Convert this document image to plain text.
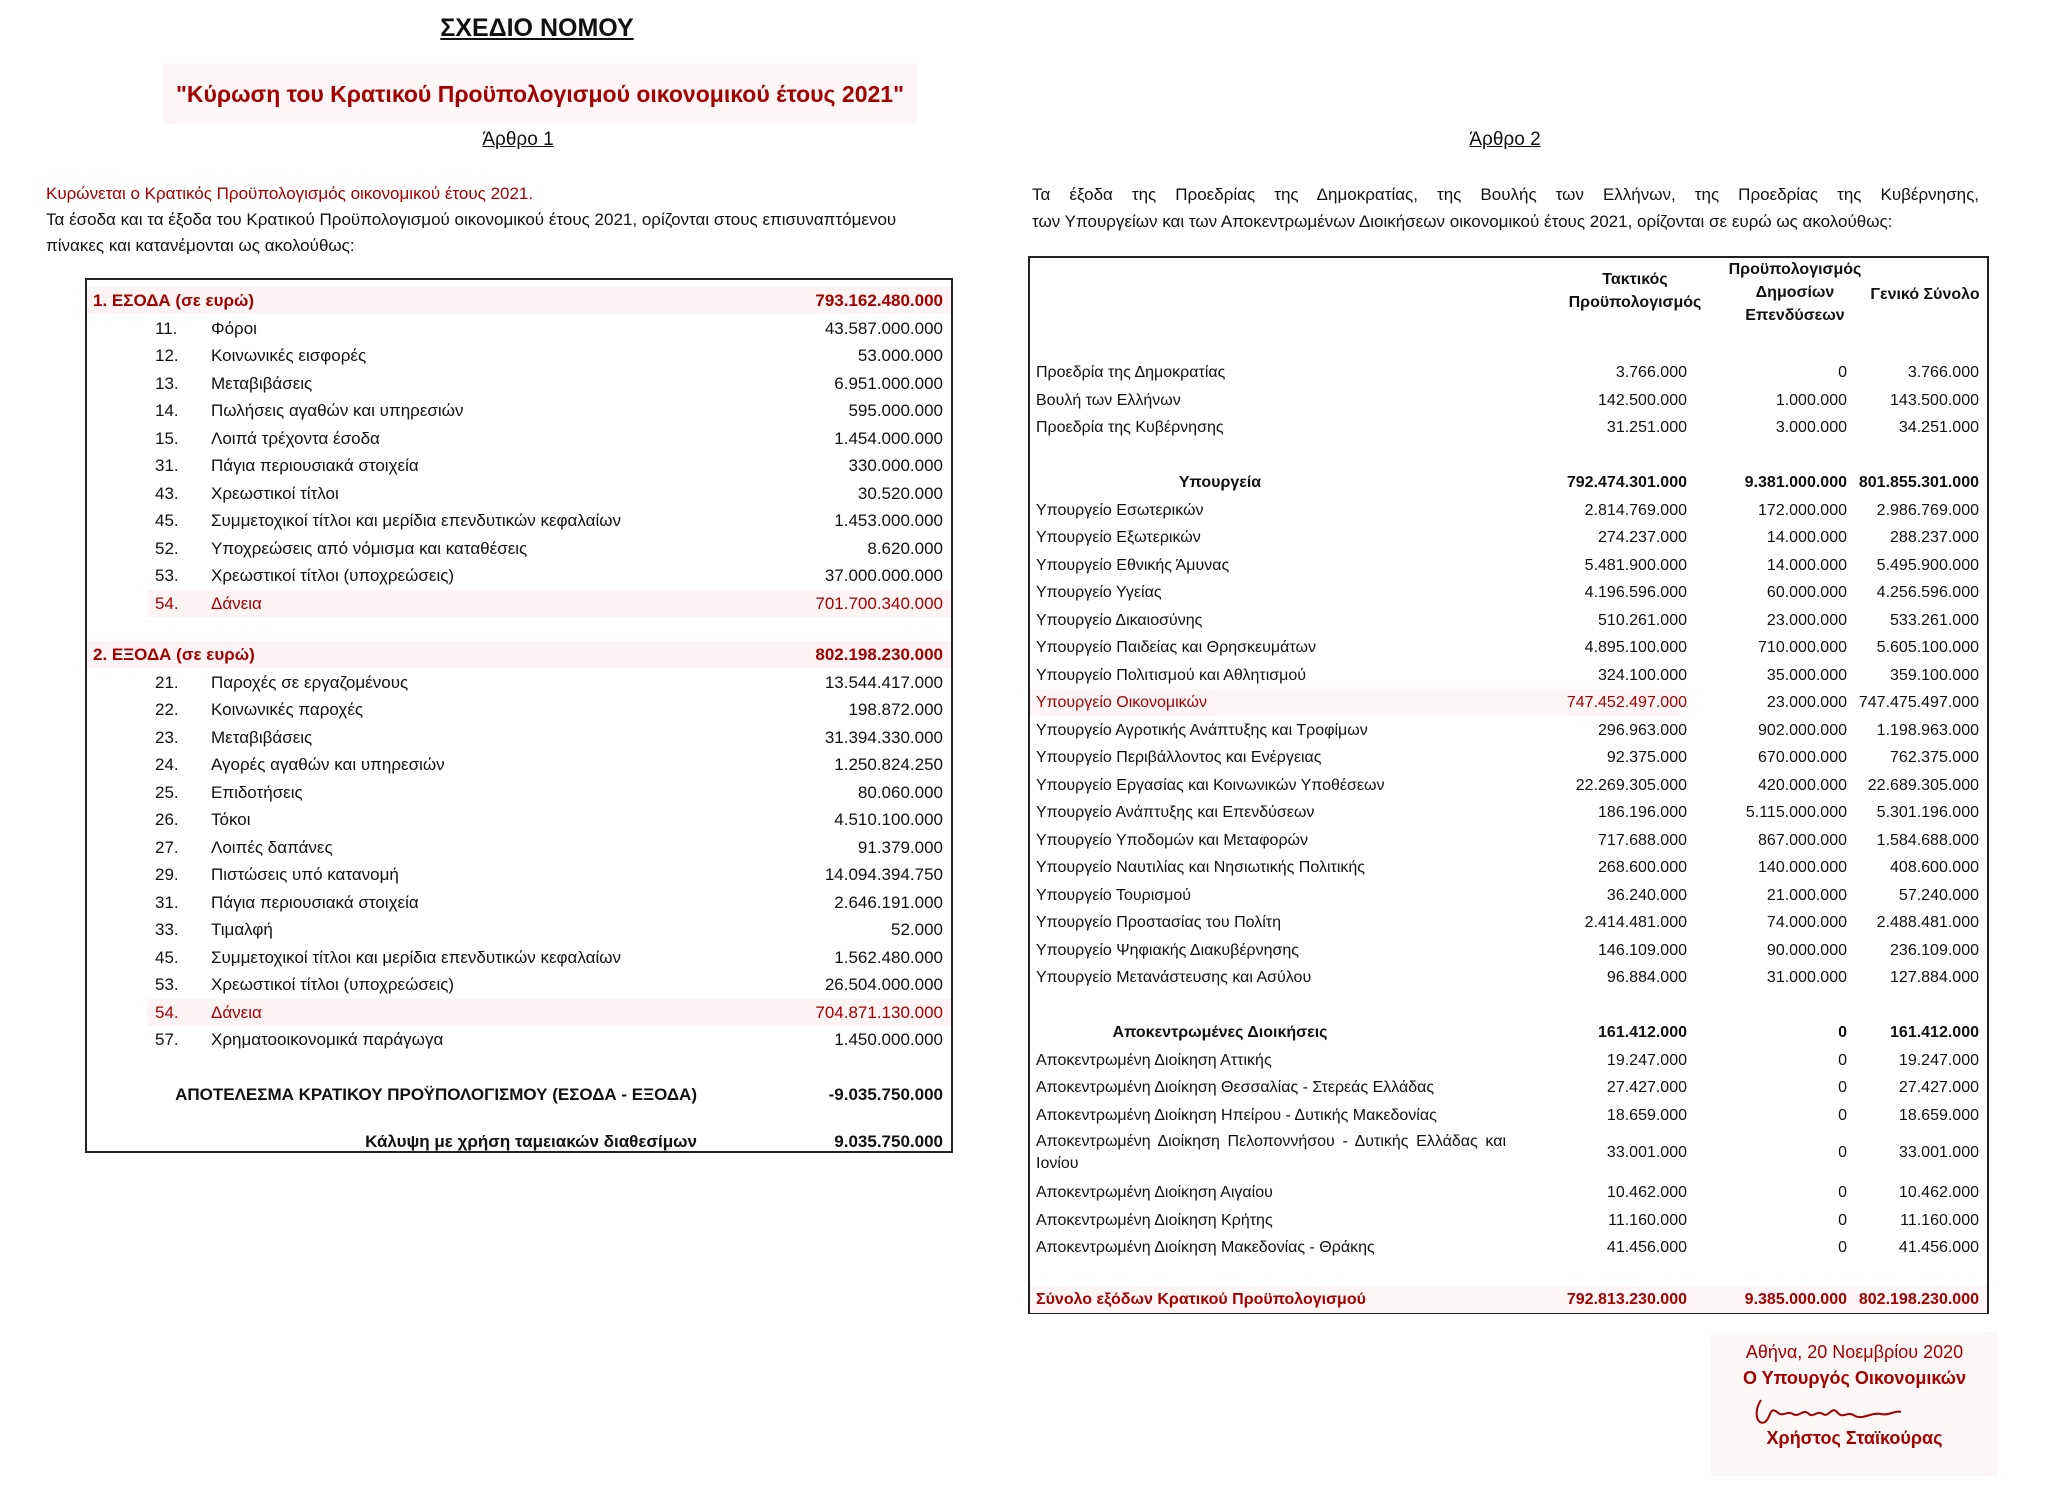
ΣΧΕΔΙΟ ΝΟΜΟΥ
"Κύρωση του Κρατικού Προϋπολογισμού οικονομικού έτους 2021"
Άρθρο 1
Κυρώνεται ο Κρατικός Προϋπολογισμός οικονομικού έτους 2021.
Τα έσοδα και τα έξοδα του Κρατικού Προϋπολογισμού οικονομικού έτους 2021, ορίζονται στους επισυναπτόμενου
πίνακες και κατανέμονται ως ακολούθως:
1. ΕΣΟΔΑ (σε ευρώ)	793.162.480.000
11. Φόροι	43.587.000.000
12. Κοινωνικές εισφορές	53.000.000
13. Μεταβιβάσεις	6.951.000.000
14. Πωλήσεις αγαθών και υπηρεσιών	595.000.000
15. Λοιπά τρέχοντα έσοδα	1.454.000.000
31. Πάγια περιουσιακά στοιχεία	330.000.000
43. Χρεωστικοί τίτλοι	30.520.000
45. Συμμετοχικοί τίτλοι και μερίδια επενδυτικών κεφαλαίων	1.453.000.000
52. Υποχρεώσεις από νόμισμα και καταθέσεις	8.620.000
53. Χρεωστικοί τίτλοι (υποχρεώσεις)	37.000.000.000
54. Δάνεια	701.700.340.000
2. ΕΞΟΔΑ (σε ευρώ)	802.198.230.000
21. Παροχές σε εργαζομένους	13.544.417.000
22. Κοινωνικές παροχές	198.872.000
23. Μεταβιβάσεις	31.394.330.000
24. Αγορές αγαθών και υπηρεσιών	1.250.824.250
25. Επιδοτήσεις	80.060.000
26. Τόκοι	4.510.100.000
27. Λοιπές δαπάνες	91.379.000
29. Πιστώσεις υπό κατανομή	14.094.394.750
31. Πάγια περιουσιακά στοιχεία	2.646.191.000
33. Τιμαλφή	52.000
45. Συμμετοχικοί τίτλοι και μερίδια επενδυτικών κεφαλαίων	1.562.480.000
53. Χρεωστικοί τίτλοι (υποχρεώσεις)	26.504.000.000
54. Δάνεια	704.871.130.000
57. Χρηματοοικονομικά παράγωγα	1.450.000.000
ΑΠΟΤΕΛΕΣΜΑ ΚΡΑΤΙΚΟΥ ΠΡΟΫΠΟΛΟΓΙΣΜΟΥ (ΕΣΟΔΑ - ΕΞΟΔΑ)	-9.035.750.000
Κάλυψη με χρήση ταμειακών διαθεσίμων	9.035.750.000
Άρθρο 2
Τα έξοδα της Προεδρίας της Δημοκρατίας, της Βουλής των Ελλήνων, της Προεδρίας της Κυβέρνησης,
των Υπουργείων και των Αποκεντρωμένων Διοικήσεων οικονομικού έτους 2021, ορίζονται σε ευρώ ως ακολούθως:
Τακτικός Προϋπολογισμός
Προϋπολογισμός Δημοσίων Επενδύσεων
Γενικό Σύνολο
Προεδρία της Δημοκρατίας	3.766.000	0	3.766.000
Βουλή των Ελλήνων	142.500.000	1.000.000	143.500.000
Προεδρία της Κυβέρνησης	31.251.000	3.000.000	34.251.000
Υπουργεία	792.474.301.000	9.381.000.000 801.855.301.000
Υπουργείο Εσωτερικών	2.814.769.000	172.000.000 2.986.769.000
Υπουργείο Εξωτερικών	274.237.000	14.000.000	288.237.000
Υπουργείο Εθνικής Άμυνας	5.481.900.000	14.000.000 5.495.900.000
Υπουργείο Υγείας	4.196.596.000	60.000.000 4.256.596.000
Υπουργείο Δικαιοσύνης	510.261.000	23.000.000	533.261.000
Υπουργείο Παιδείας και Θρησκευμάτων	4.895.100.000	710.000.000 5.605.100.000
Υπουργείο Πολιτισμού και Αθλητισμού	324.100.000	35.000.000	359.100.000
Υπουργείο Οικονομικών	747.452.497.000	23.000.000 747.475.497.000
Υπουργείο Αγροτικής Ανάπτυξης και Τροφίμων	296.963.000	902.000.000 1.198.963.000
Υπουργείο Περιβάλλοντος και Ενέργειας	92.375.000	670.000.000	762.375.000
Υπουργείο Εργασίας και Κοινωνικών Υποθέσεων	22.269.305.000	420.000.000 22.689.305.000
Υπουργείο Ανάπτυξης και Επενδύσεων	186.196.000	5.115.000.000 5.301.196.000
Υπουργείο Υποδομών και Μεταφορών	717.688.000	867.000.000 1.584.688.000
Υπουργείο Ναυτιλίας και Νησιωτικής Πολιτικής	268.600.000	140.000.000	408.600.000
Υπουργείο Τουρισμού	36.240.000	21.000.000	57.240.000
Υπουργείο Προστασίας του Πολίτη	2.414.481.000	74.000.000 2.488.481.000
Υπουργείο Ψηφιακής Διακυβέρνησης	146.109.000	90.000.000	236.109.000
Υπουργείο Μετανάστευσης και Ασύλου	96.884.000	31.000.000	127.884.000
Αποκεντρωμένες Διοικήσεις	161.412.000	0	161.412.000
Αποκεντρωμένη Διοίκηση Αττικής	19.247.000	0	19.247.000
Αποκεντρωμένη Διοίκηση Θεσσαλίας - Στερεάς Ελλάδας	27.427.000	0	27.427.000
Αποκεντρωμένη Διοίκηση Ηπείρου - Δυτικής Μακεδονίας	18.659.000	0	18.659.000
Αποκεντρωμένη Διοίκηση Πελοποννήσου - Δυτικής Ελλάδας και Ιονίου
33.001.000	0	33.001.000
Αποκεντρωμένη Διοίκηση Αιγαίου	10.462.000	0	10.462.000
Αποκεντρωμένη Διοίκηση Κρήτης	11.160.000	0	11.160.000
Αποκεντρωμένη Διοίκηση Μακεδονίας - Θράκης	41.456.000	0	41.456.000
Σύνολο εξόδων Κρατικού Προϋπολογισμού	792.813.230.000	9.385.000.000 802.198.230.000
Αθήνα, 20 Νοεμβρίου 2020
Ο Υπουργός Οικονομικών
Χρήστος Σταϊκούρας
